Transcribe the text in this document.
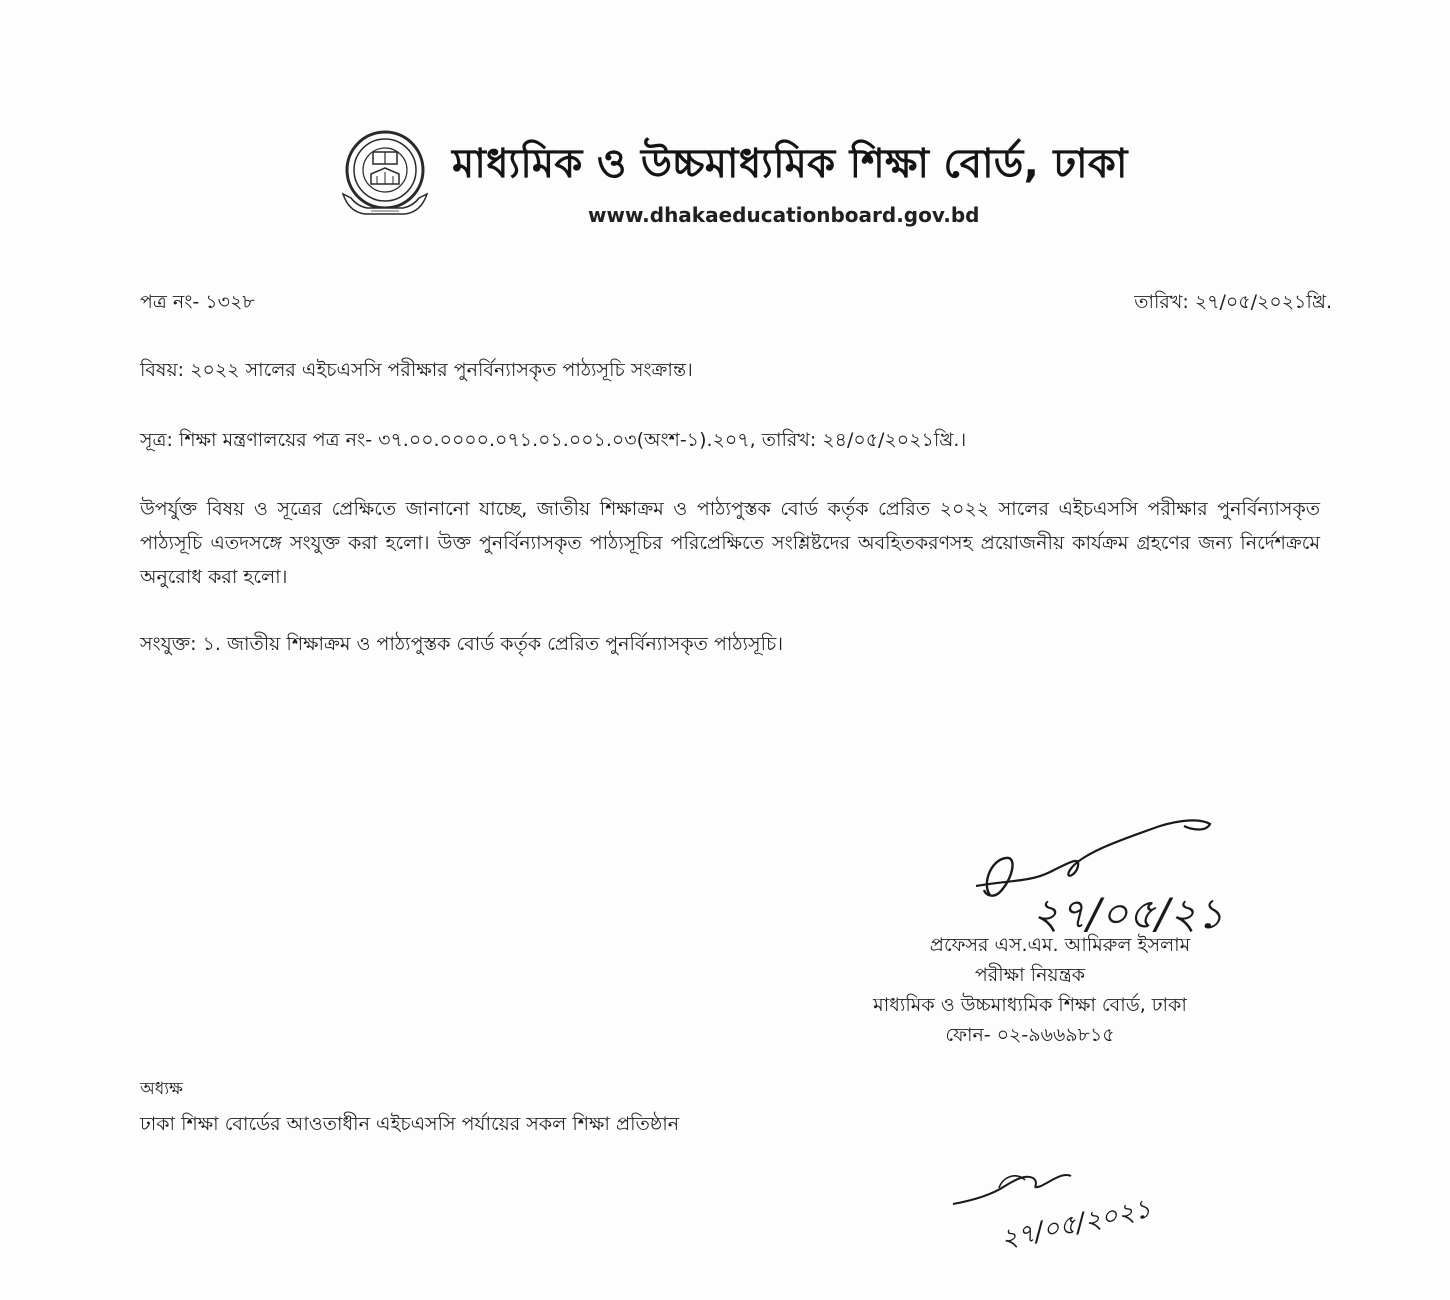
মাধ্যমিক ও উচ্চমাধ্যমিক শিক্ষা বোর্ড, ঢাকা
www.dhakaeducationboard.gov.bd
পত্র নং- ১৩২৮	তারিখ: ২৭/০৫/২০২১খ্রি.
বিষয়: ২০২২ সালের এইচএসসি পরীক্ষার পুনর্বিন্যাসকৃত পাঠ্যসূচি সংক্রান্ত।
সূত্র: শিক্ষা মন্ত্রণালয়ের পত্র নং- ৩৭.০০.০০০০.০৭১.০১.০০১.০৩(অংশ-১).২০৭, তারিখ: ২৪/০৫/২০২১খ্রি.।
উপর্যুক্ত বিষয় ও সূত্রের প্রেক্ষিতে জানানো যাচ্ছে, জাতীয় শিক্ষাক্রম ও পাঠ্যপুস্তক বোর্ড কর্তৃক প্রেরিত ২০২২ সালের এইচএসসি পরীক্ষার পুনর্বিন্যাসকৃত পাঠ্যসূচি এতদসঙ্গে সংযুক্ত করা হলো। উক্ত পুনর্বিন্যাসকৃত পাঠ্যসূচির পরিপ্রেক্ষিতে সংশ্লিষ্টদের অবহিতকরণসহ প্রয়োজনীয় কার্যক্রম গ্রহণের জন্য নির্দেশক্রমে অনুরোধ করা হলো।
সংযুক্ত: ১. জাতীয় শিক্ষাক্রম ও পাঠ্যপুস্তক বোর্ড কর্তৃক প্রেরিত পুনর্বিন্যাসকৃত পাঠ্যসূচি।
২৭/০৫/২১
প্রফেসর এস.এম. আমিরুল ইসলাম
পরীক্ষা নিয়ন্ত্রক
মাধ্যমিক ও উচ্চমাধ্যমিক শিক্ষা বোর্ড, ঢাকা
ফোন- ০২-৯৬৬৯৮১৫
অধ্যক্ষ
ঢাকা শিক্ষা বোর্ডের আওতাধীন এইচএসসি পর্যায়ের সকল শিক্ষা প্রতিষ্ঠান
২৭/০৫/২০২১
